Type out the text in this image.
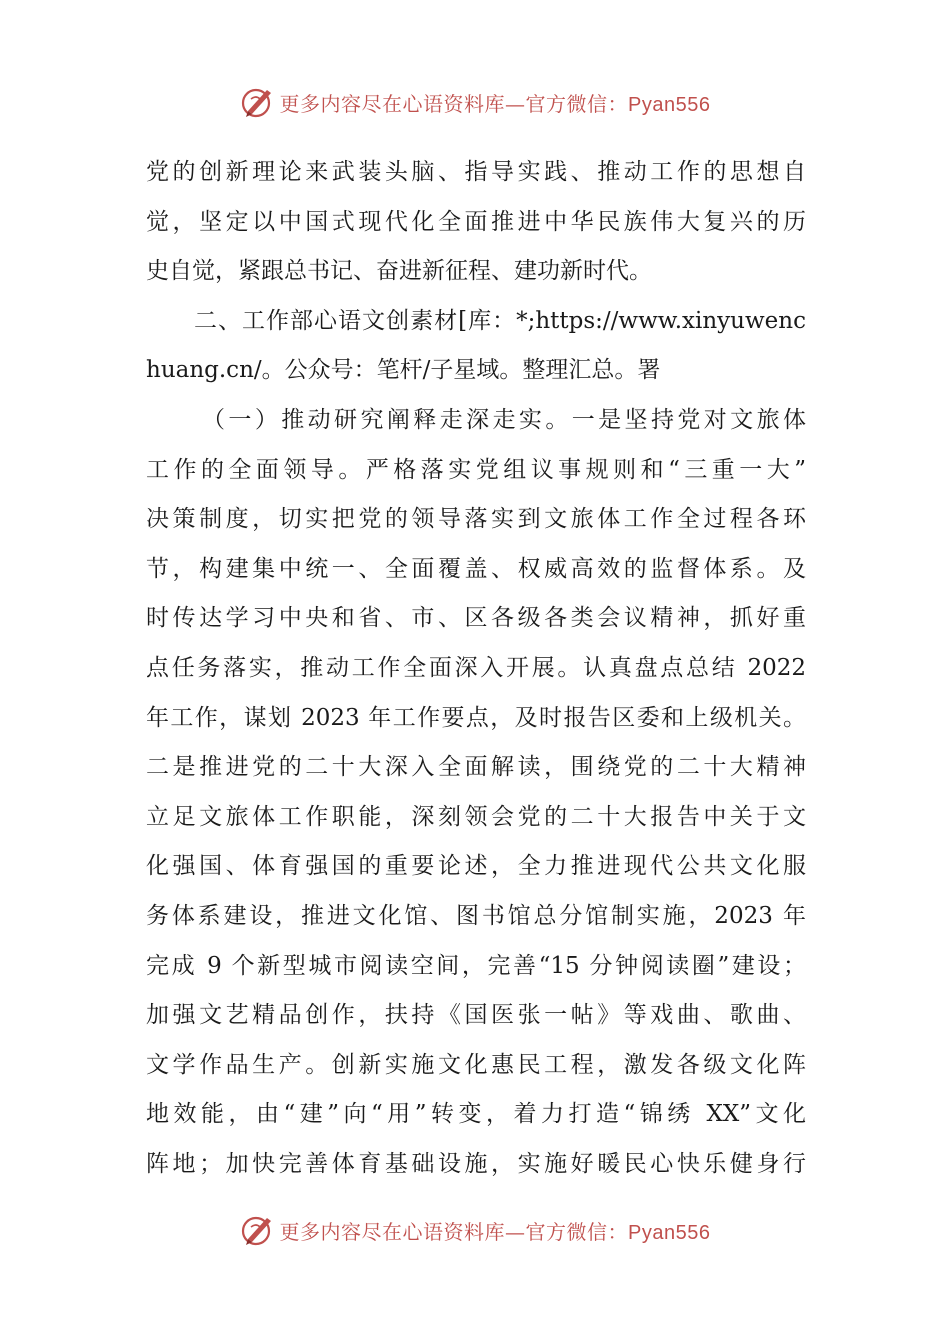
更多内容尽在心语资料库—官方微信：Pyan556
党的创新理论来武装头脑、指导实践、推动工作的思想自
觉，坚定以中国式现代化全面推进中华民族伟大复兴的历
史自觉，紧跟总书记、奋进新征程、建功新时代。
二、工作部心语文创素材[库：*;https://www.xinyuwenc
huang.cn/。公众号：笔杆/子星域。整理汇总。署
（一）推动研究阐释走深走实。一是坚持党对文旅体
工作的全面领导。严格落实党组议事规则和“三重一大”
决策制度，切实把党的领导落实到文旅体工作全过程各环
节，构建集中统一、全面覆盖、权威高效的监督体系。及
时传达学习中央和省、市、区各级各类会议精神，抓好重
点任务落实，推动工作全面深入开展。认真盘点总结 2022
年工作，谋划 2023 年工作要点，及时报告区委和上级机关。
二是推进党的二十大深入全面解读，围绕党的二十大精神
立足文旅体工作职能，深刻领会党的二十大报告中关于文
化强国、体育强国的重要论述，全力推进现代公共文化服
务体系建设，推进文化馆、图书馆总分馆制实施，2023 年
完成 9 个新型城市阅读空间，完善“15 分钟阅读圈”建设；
加强文艺精品创作，扶持《国医张一帖》等戏曲、歌曲、
文学作品生产。创新实施文化惠民工程，激发各级文化阵
地效能，由“建”向“用”转变，着力打造“锦绣 XX”文化
阵地；加快完善体育基础设施，实施好暖民心快乐健身行
更多内容尽在心语资料库—官方微信：Pyan556
